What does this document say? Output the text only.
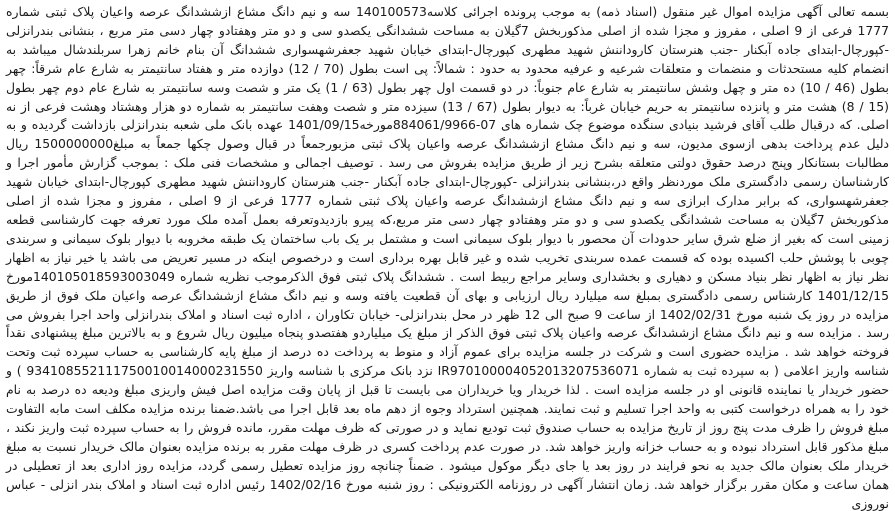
بسمه تعالی آگهی مزایده اموال غیر منقول (اسناد ذمه) به موجب پرونده اجرائی کلاسه140100573 سه و نیم دانگ مشاع ازششدانگ عرصه واعیان پلاک ثبتی شماره 1777 فرعی از 9 اصلی ، مفروز و مجزا شده از اصلی مذکوربخش 7گیلان به مساحت ششدانگی یکصدو سی و دو متر وهفتادو چهار دسی متر مربع ، بنشانی بندرانزلی -کپورچال-ابتدای جاده آبکنار -جنب هنرستان کاروداننش شهید مطهری کپورچال-ابتدای خیابان شهید جعفرشهسواری ششدانگ آن بنام خانم زهرا سربلندشال میباشد به انضمام کلیه مستحدثات و منضمات و متعلقات شرعیه و عرفیه محدود به حدود : شمالاً: پی است بطول (70 / 12) دوازده متر و هفتاد سانتیمتر به شارع عام شرقاً: چهر بطول (46 / 10) ده متر و چهل وشش سانتیمتر به شارع عام جنوباً: در دو قسمت اول چهر بطول (63 / 1) یک متر و شصت وسه سانتیمتر به شارع عام دوم چهر بطول (15 / 8) هشت متر و پانزده سانتیمتر به حریم خیابان غرباً: به دیوار بطول (67 / 13) سیزده متر و شصت وهفت سانتیمتر به شماره دو هزار وهشتاد وهشت فرعی از نه اصلی. که درقبال طلب آقای فرشید بنیادی سنگده موضوع چک شماره های 07-884061/9966مورخه1401/09/15 عهده بانک ملی شعبه بندرانزلی بازداشت گردیده و به دلیل عدم پرداخت بدهی ازسوی مدیون، سه و نیم دانگ مشاع ازششدانگ عرصه واعیان پلاک ثبتی مزبورجمعاً در قبال وصول چکها جمعاً به مبلغ1500000000 ریال مطالبات بستانکار وپنج درصد حقوق دولتی متعلقه بشرح زیر از طریق مزایده بفروش می رسد . توصیف اجمالی و مشخصات فنی ملک : بموجب گزارش مأمور اجرا و کارشناسان رسمی دادگستری ملک موردنظر واقع در،بنشانی بندرانزلی -کپورچال-ابتدای جاده آبکنار -جنب هنرستان کاروداننش شهید مطهری کپورچال-ابتدای خیابان شهید جعفرشهسواری، که برابر مدارک ابرازی سه و نیم دانگ مشاع ازششدانگ عرصه واعیان پلاک ثبتی شماره 1777 فرعی از 9 اصلی ، مفروز و مجزا شده از اصلی مذکوربخش 7گیلان به مساحت ششدانگی یکصدو سی و دو متر وهفتادو چهار دسی متر مربع،که پیرو بازدیدوتعرفه بعمل آمده ملک مورد تعرفه جهت کارشناسی قطعه زمینی است که بغیر از ضلع شرق سایر حدودات آن محصور با دیوار بلوک سیمانی است و مشتمل بر یک باب ساختمان یک طبقه مخروبه با دیوار بلوک سیمانی و سربندی چوبی با پوشش حلب اکسیده بوده که قسمت عمده سربندی تخریب شده و غیر قابل بهره برداری است و درخصوص اینکه در مسیر تعریض می باشد یا خیر نیاز به اظهار نظر نیاز به اظهار نظر بنیاد مسکن و دهیاری و بخشداری وسایر مراجع ربیط است . ششدانگ پلاک ثبتی فوق الذکرموجب نظریه شماره 140105018593003049مورخ 1401/12/15 کارشناس رسمی دادگستری بمبلغ سه میلیارد ریال ارزیابی و بهای آن قطعیت یافته وسه و نیم دانگ مشاع ازششدانگ عرصه واعیان ملک فوق از طریق مزایده در روز یک شنبه مورخ 1402/02/31 از ساعت 9 صبح الی 12 ظهر در محل بندرانزلی- خیابان تکاوران ، اداره ثبت اسناد و املاک بندرانزلی واحد اجرا بفروش می رسد . مزایده سه و نیم دانگ مشاع ازششدانگ عرصه واعیان پلاک ثبتی فوق الذکر از مبلغ یک میلیاردو هفتصدو پنجاه میلیون ریال شروع و به بالاترین مبلغ پیشنهادی نقداً فروخته خواهد شد . مزایده حضوری است و شرکت در جلسه مزایده برای عموم آزاد و منوط به پرداخت ده درصد از مبلغ پایه کارشناسی به حساب سپرده ثبت وتحت شناسه واریز اعلامی ( به سپرده ثبت به شماره IR970100004052013207536071 نزد بانک مرکزی با شناسه واریز 934108552111750010014000231550 ) و حضور خریدار یا نماینده قانونی او در جلسه مزایده است . لذا خریدار ویا خریداران می بایست تا قبل از پایان وقت مزایده اصل فیش واریزی مبلغ ودیعه ده درصد به نام خود را به همراه درخواست کتبی به واحد اجرا تسلیم و ثبت نمایند. همچنین استرداد وجوه از دهم ماه بعد قابل اجرا می باشد.ضمنا برنده مزایده مکلف است مابه التفاوت مبلغ فروش را ظرف مدت پنج روز از تاریخ مزایده به حساب صندوق ثبت تودیع نماید و در صورتی که ظرف مهلت مقرر، مانده فروش را به حساب سپرده ثبت واریز نکند ، مبلغ مذکور قابل استرداد نبوده و به حساب خزانه واریز خواهد شد. در صورت عدم پرداخت کسری در ظرف مهلت مقرر به برنده مزایده بعنوان مالک خریدار نسبت به مبلغ خریدار ملک بعنوان مالک جدید به نحو فرایند در روز بعد یا جای دیگر موکول میشود . ضمناً چنانچه روز مزایده تعطیل رسمی گردد، مزایده روز اداری بعد از تعطیلی در همان ساعت و مکان مقرر برگزار خواهد شد. زمان انتشار آگهی در روزنامه الکترونیکی : روز شنبه مورخ 1402/02/16 رئیس اداره ثبت اسناد و املاک بندر انزلی - عباس نوروزی
